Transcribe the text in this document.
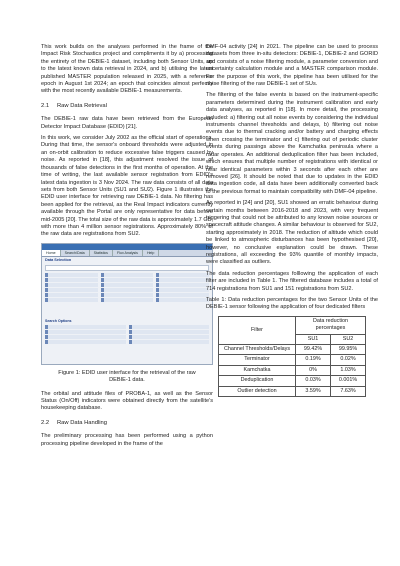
This work builds on the analyses performed in the frame of the Impact Risk Stochastics project and compliments it by a) processing the entirety of the DEBIE-1 dataset, including both Sensor Units, up to the latest known data retrieval in 2024, and b) utilising the latest published MASTER population released in 2025, with a reference epoch in August 1st 2024; an epoch that coincides almost perfectly with the most recently available DEBIE-1 measurements.

2.1 Raw Data Retrieval

The DEBIE-1 raw data have been retrieved from the European Detector Impact Database (EDID) [21].

In this work, we consider July 2002 as the official start of operations. During that time, the sensor's onboard thresholds were adjusted in an on-orbit calibration to reduce excessive false triggers caused by noise. As reported in [18], this adjustment resolved the issue of thousands of false detections in the first months of operation. At the time of writing, the last available sensor registration from EDID's latest data ingestion is 3 Nov 2024. The raw data consists of all data sets from both Sensor Units (SU1 and SU2). Figure 1 illustrates the EDID user interface for retrieving raw DEBIE-1 data. No filtering has been applied for the retrieval, as the Real Impact indicators currently available through the Portal are only representative for data before mid-2005 [20]. The total size of the raw data is approximately 1.7 GB, with more than 4 million sensor registrations. Approximately 80% of the raw data are registrations from SU2.

Home	Search/Data	Statistics	Flux Analysis	Help
Data Selection
Search Options
Figure 1: EDID user interface for the retrieval of the raw DEBIE-1 data.

The orbital and attitude files of PROBA-1, as well as the Sensor Status (On/Off) indicators were obtained directly from the satellite's housekeeping database.

2.2 Raw Data Handling

The preliminary processing has been performed using a python processing pipeline developed in the frame of the

DMF-04 activity [24] in 2021. The pipeline can be used to process datasets from three in-situ detectors: DEBIE-1, DEBIE-2 and GORID and consists of a noise filtering module, a parameter conversion and uncertainty calculation module and a MASTER comparison module. For the purpose of this work, the pipeline has been utilised for the noise filtering of the raw DEBIE-1 set of SUs.

The filtering of the false events is based on the instrument-specific parameters determined during the instrument calibration and early data analyses, as reported in [18]. In more detail, the processing included: a) filtering out all noise events by considering the individual instruments channel thresholds and delays, b) filtering out noise events due to thermal cracking and/or battery and charging effects when crossing the terminator and c) filtering out of periodic cluster events during passings above the Kamchatka peninsula where a radar operates. An additional deduplication filter has been included, which ensures that multiple number of registrations with identical or near identical parameters within 3 seconds after each other are removed [26]. It should be noted that due to updates in the EDID data ingestion code, all data have been additionally converted back to the previous format to maintain compatibility with DMF-04 pipeline.

As reported in [24] and [20], SU1 showed an erratic behaviour during certain months between 2016-2018 and 2023, with very frequent triggering that could not be attributed to any known noise sources or spacecraft attitude changes. A similar behaviour is observed for SU2, starting approximately in 2018. The reduction of altitude which could be linked to atmospheric disturbances has been hypothesised [20], however, no conclusive explanation could be drawn. These registrations, all exceeding the 93% quantile of monthly impacts, were classified as outliers.

The data reduction percentages folllowing the application of each filter are included in Table 1. The filtered database includes a total of 714 registrations from SU1 and 151 registrations from SU2.

Table 1: Data reduction percentages for the two Sensor Units of the DEBIE-1 sensor following the application of four dedicated filters

Filter	Data reduction percentages	
	SU1	SU2
Channel Thresholds/Delays	99.42%	99.95%
Terminator	0.19%	0.02%
Kamchatka	0%	1.03%
Deduplication	0.03%	0.001%
Outlier detection	3.59%	7.63%
